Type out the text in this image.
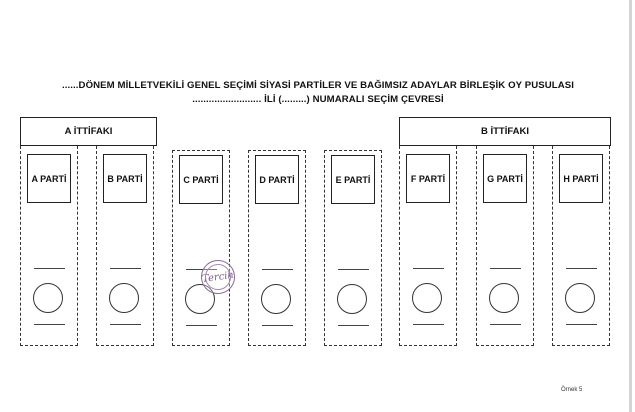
......DÖNEM MİLLETVEKİLİ GENEL SEÇİMİ SİYASİ PARTİLER VE BAĞIMSIZ ADAYLAR BİRLEŞİK OY PUSULASI
......................... İLİ (.........) NUMARALI SEÇİM ÇEVRESİ
A İTTİFAKI	B İTTİFAKI
A PARTİ	B PARTİ	C PARTİ	D PARTİ	E PARTİ	F PARTİ	G PARTİ	H PARTİ
Tercih
Örnek 5
